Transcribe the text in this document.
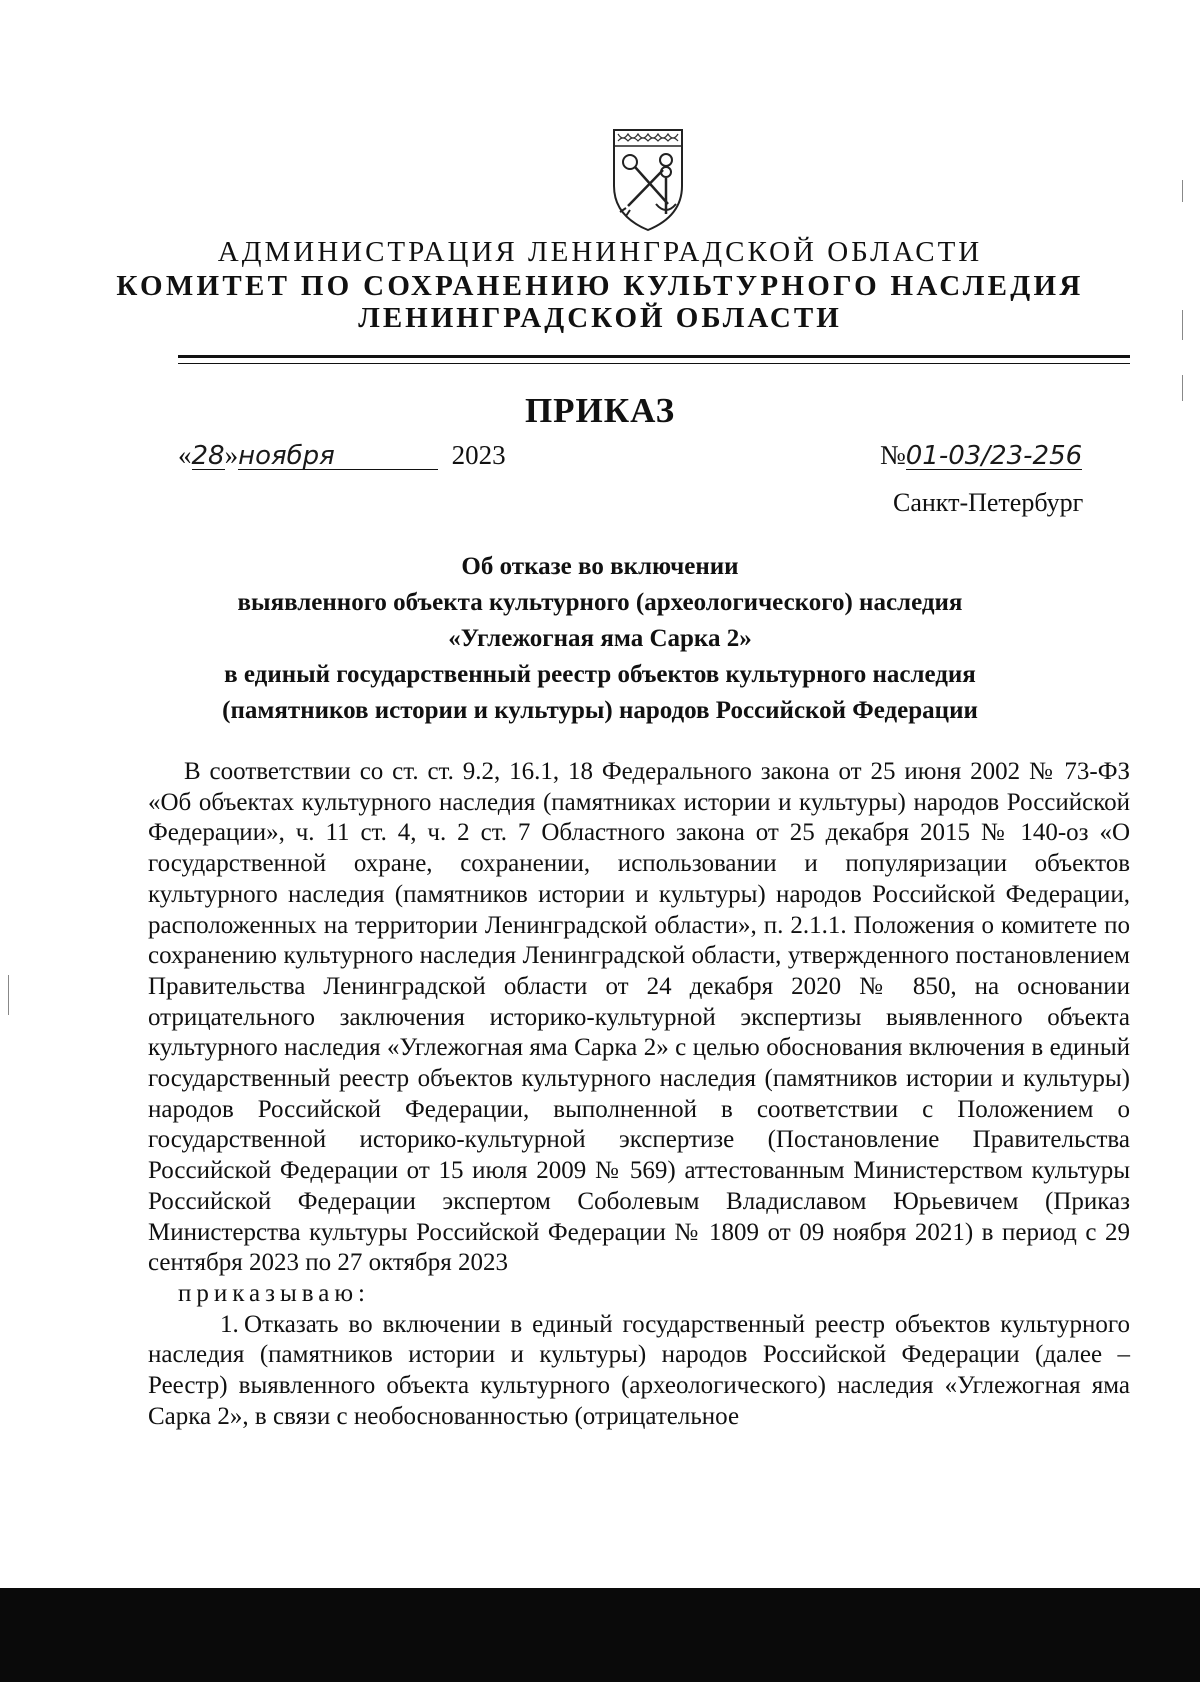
АДМИНИСТРАЦИЯ ЛЕНИНГРАДСКОЙ ОБЛАСТИ
КОМИТЕТ ПО СОХРАНЕНИЮ КУЛЬТУРНОГО НАСЛЕДИЯ
ЛЕНИНГРАДСКОЙ ОБЛАСТИ
ПРИКАЗ
«28»ноября	2023	№01-03/23-256
Санкт-Петербург
Об отказе во включении
выявленного объекта культурного (археологического) наследия
«Углежогная яма Сарка 2»
в единый государственный реестр объектов культурного наследия
(памятников истории и культуры) народов Российской Федерации

В соответствии со ст. ст. 9.2, 16.1, 18 Федерального закона от 25 июня 2002 № 73-ФЗ «Об объектах культурного наследия (памятниках истории и культуры) народов Российской Федерации», ч. 11 ст. 4, ч. 2 ст. 7 Областного закона от 25 декабря 2015 № 140-оз «О государственной охране, сохранении, использовании и популяризации объектов культурного наследия (памятников истории и культуры) народов Российской Федерации, расположенных на территории Ленинградской области», п. 2.1.1. Положения о комитете по сохранению культурного наследия Ленинградской области, утвержденного постановлением Правительства Ленинградской области от 24 декабря 2020 № 850, на основании отрицательного заключения историко-культурной экспертизы выявленного объекта культурного наследия «Углежогная яма Сарка 2» с целью обоснования включения в единый государственный реестр объектов культурного наследия (памятников истории и культуры) народов Российской Федерации, выполненной в соответствии с Положением о государственной историко-культурной экспертизе (Постановление Правительства Российской Федерации от 15 июля 2009 № 569) аттестованным Министерством культуры Российской Федерации экспертом Соболевым Владиславом Юрьевичем (Приказ Министерства культуры Российской Федерации № 1809 от 09 ноября 2021) в период с 29 сентября 2023 по 27 октября 2023

приказываю:

1. Отказать во включении в единый государственный реестр объектов культурного наследия (памятников истории и культуры) народов Российской Федерации (далее – Реестр) выявленного объекта культурного (археологического) наследия «Углежогная яма Сарка 2», в связи с необоснованностью (отрицательное
